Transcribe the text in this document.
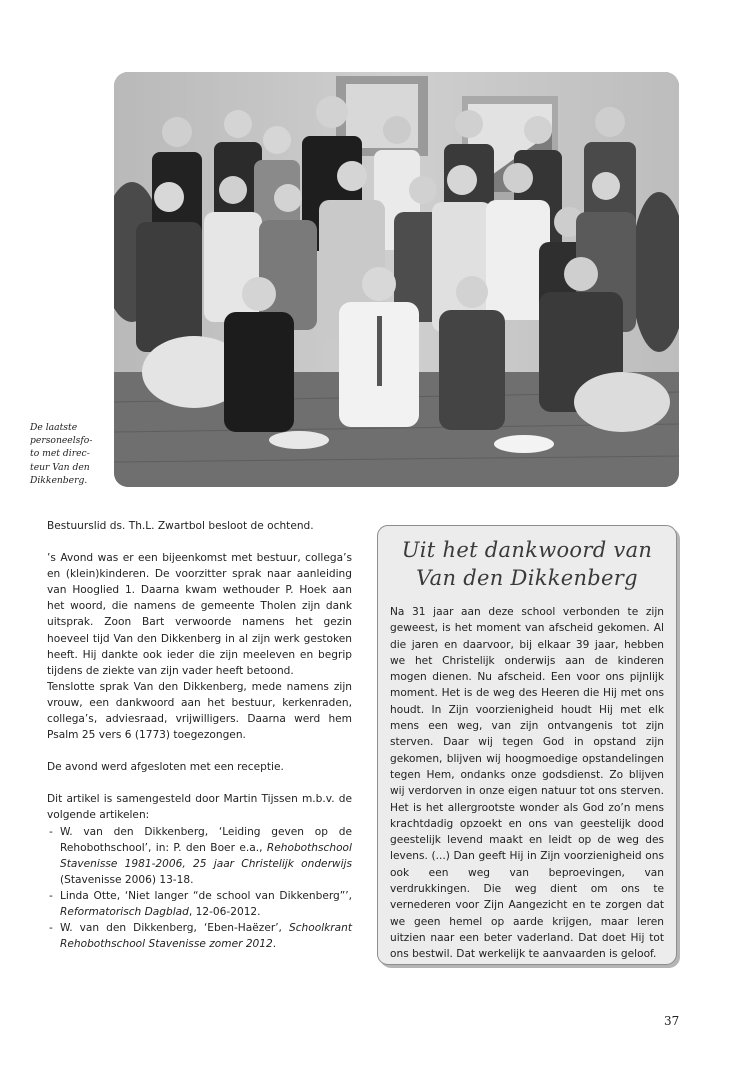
De laatste
personeelsfo-
to met direc-
teur Van den
Dikkenberg.

Bestuurslid ds. Th.L. Zwartbol besloot de ochtend.

’s Avond was er een bijeenkomst met bestuur, collega’s en (klein)kinderen. De voorzitter sprak naar aanleiding van Hooglied 1. Daarna kwam wethouder P. Hoek aan het woord, die namens de gemeente Tholen zijn dank uitsprak. Zoon Bart verwoorde namens het gezin hoeveel tijd Van den Dikkenberg in al zijn werk gestoken heeft. Hij dankte ook ieder die zijn meeleven en begrip tijdens de ziekte van zijn vader heeft betoond.

Tenslotte sprak Van den Dikkenberg, mede namens zijn vrouw, een dankwoord aan het bestuur, kerkenraden, collega’s, adviesraad, vrijwilligers. Daarna werd hem Psalm 25 vers 6 (1773) toegezongen.

De avond werd afgesloten met een receptie.

Dit artikel is samengesteld door Martin Tijssen m.b.v. de volgende artikelen:

- W. van den Dikkenberg, ‘Leiding geven op de Rehobothschool’, in: P. den Boer e.a., Rehobothschool Stavenisse 1981-2006, 25 jaar Christelijk onderwijs (Stavenisse 2006) 13-18.
- Linda Otte, ‘Niet langer “de school van Dikkenberg”’, Reformatorisch Dagblad, 12-06-2012.
- W. van den Dikkenberg, ‘Eben-Haëzer’, Schoolkrant Rehobothschool Stavenisse zomer 2012.
Uit het dankwoord van
Van den Dikkenberg

Na 31 jaar aan deze school verbonden te zijn geweest, is het moment van afscheid gekomen. Al die jaren en daarvoor, bij elkaar 39 jaar, hebben we het Christelijk onderwijs aan de kinderen mogen dienen. Nu afscheid. Een voor ons pijnlijk moment. Het is de weg des Heeren die Hij met ons houdt. In Zijn voorzienigheid houdt Hij met elk mens een weg, van zijn ontvangenis tot zijn sterven. Daar wij tegen God in opstand zijn gekomen, blijven wij hoogmoedige opstandelingen tegen Hem, ondanks onze godsdienst. Zo blijven wij verdorven in onze eigen natuur tot ons sterven. Het is het allergrootste wonder als God zo’n mens krachtdadig opzoekt en ons van geestelijk dood geestelijk levend maakt en leidt op de weg des levens. (...) Dan geeft Hij in Zijn voorzienigheid ons ook een weg van beproevingen, van verdrukkingen. Die weg dient om ons te vernederen voor Zijn Aangezicht en te zorgen dat we geen hemel op aarde krijgen, maar leren uitzien naar een beter vaderland. Dat doet Hij tot ons bestwil. Dat werkelijk te aanvaarden is geloof.

37
